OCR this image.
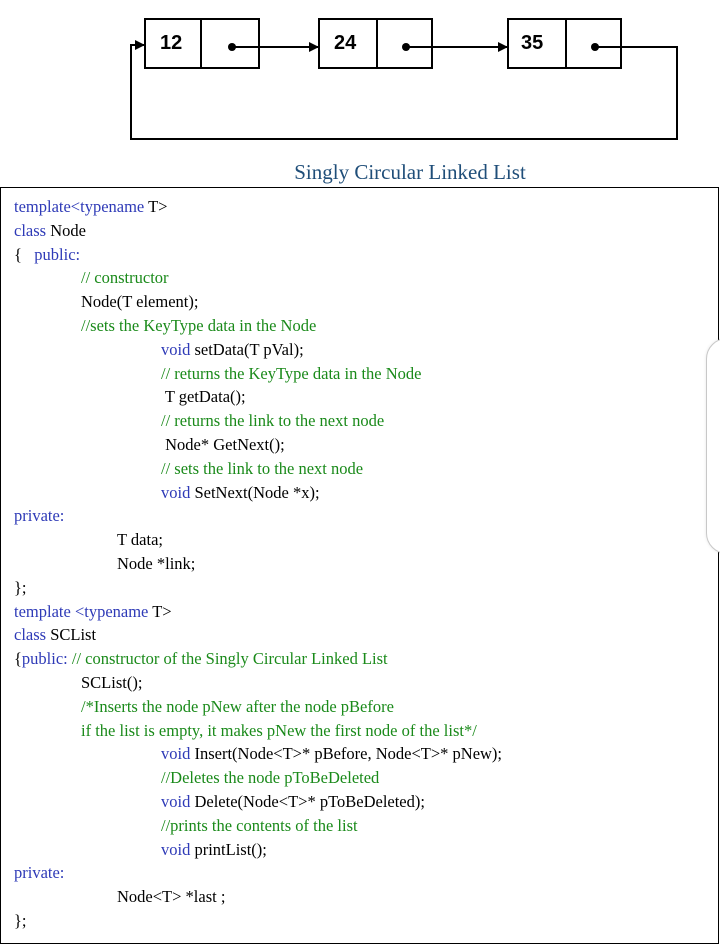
12	24	35
Singly Circular Linked List
template<typename T>
class Node
{   public:
// constructor
Node(T element);
//sets the KeyType data in the Node
void setData(T pVal);
// returns the KeyType data in the Node
T getData();
// returns the link to the next node
Node* GetNext();
// sets the link to the next node
void SetNext(Node *x);
private:
T data;
Node *link;
};
template <typename T>
class SCList
{public: // constructor of the Singly Circular Linked List
SCList();
/*Inserts the node pNew after the node pBefore
if the list is empty, it makes pNew the first node of the list*/
void Insert(Node<T>* pBefore, Node<T>* pNew);
//Deletes the node pToBeDeleted
void Delete(Node<T>* pToBeDeleted);
//prints the contents of the list
void printList();
private:
Node<T> *last ;
};
